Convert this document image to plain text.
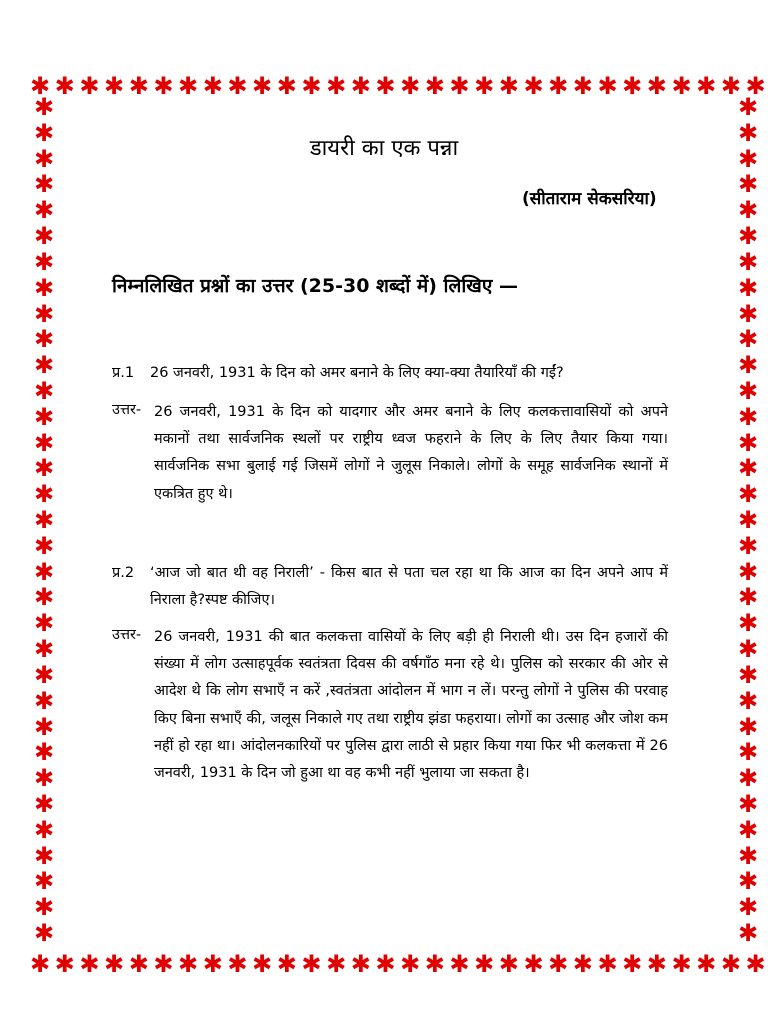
✱ ✱ ✱ ✱ ✱ ✱ ✱ ✱ ✱ ✱ ✱ ✱ ✱ ✱ ✱ ✱ ✱ ✱ ✱ ✱ ✱ ✱ ✱ ✱ ✱ ✱ ✱ ✱ ✱ ✱
✱ ✱ ✱ ✱ ✱ ✱ ✱ ✱ ✱ ✱ ✱ ✱ ✱ ✱ ✱ ✱ ✱ ✱ ✱ ✱ ✱ ✱ ✱ ✱ ✱ ✱ ✱ ✱ ✱ ✱
✱
✱
✱
✱
✱
✱
✱
✱
✱
✱
✱
✱
✱
✱
✱
✱
✱
✱
✱
✱
✱
✱
✱
✱
✱
✱
✱
✱
✱
✱
✱
✱
✱
✱
✱
✱
✱
✱
✱
✱
✱
✱
✱
✱
✱
✱
✱
✱
✱
✱
✱
✱
✱
✱
✱
✱
✱
✱
✱
✱
✱
✱
✱
✱
✱
✱
डायरी का एक पन्ना
(सीताराम सेकसरिया)
निम्नलिखित प्रश्नों का उत्तर (25-30 शब्दों में) लिखिए —
प्र.1	26 जनवरी, 1931 के दिन को अमर बनाने के लिए क्या-क्या तैयारियाँ की गईं?
उत्तर- 26 जनवरी, 1931 के दिन को यादगार और अमर बनाने के लिए कलकत्तावासियों को अपने मकानों तथा सार्वजनिक स्थलों पर राष्ट्रीय ध्वज फहराने के लिए के लिए तैयार किया गया। सार्वजनिक सभा बुलाई गई जिसमें लोगों ने जुलूस निकाले। लोगों के समूह सार्वजनिक स्थानों में एकत्रित हुए थे।
प्र.2	‘आज जो बात थी वह निराली’ - किस बात से पता चल रहा था कि आज का दिन अपने आप में निराला है?स्पष्ट कीजिए।
उत्तर- 26 जनवरी, 1931 की बात कलकत्ता वासियों के लिए बड़ी ही निराली थी। उस दिन हजारों की संख्या में लोग उत्साहपूर्वक स्वतंत्रता दिवस की वर्षगाँठ मना रहे थे। पुलिस को सरकार की ओर से आदेश थे कि लोग सभाएँ न करें ,स्वतंत्रता आंदोलन में भाग न लें। परन्तु लोगों ने पुलिस की परवाह किए बिना सभाएँ की, जलूस निकाले गए तथा राष्ट्रीय झंडा फहराया। लोगों का उत्साह और जोश कम नहीं हो रहा था। आंदोलनकारियों पर पुलिस द्वारा लाठी से प्रहार किया गया फिर भी कलकत्ता में 26 जनवरी, 1931 के दिन जो हुआ था वह कभी नहीं भुलाया जा सकता है।
